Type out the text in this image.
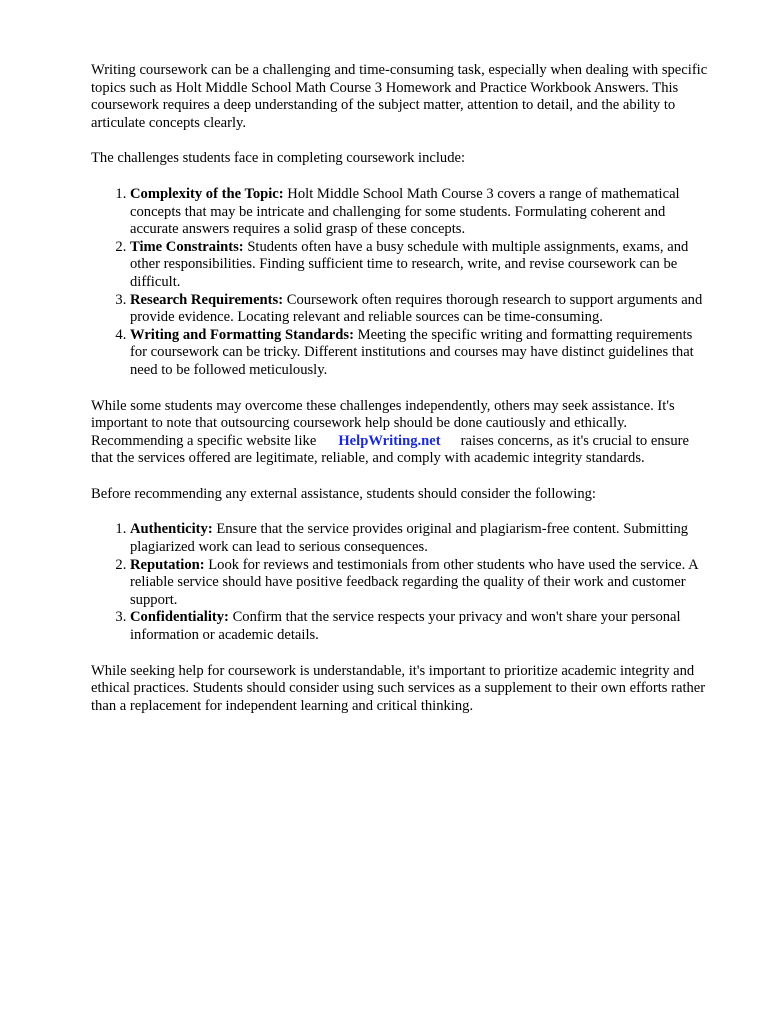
Writing coursework can be a challenging and time-consuming task, especially when dealing with specific topics such as Holt Middle School Math Course 3 Homework and Practice Workbook Answers. This coursework requires a deep understanding of the subject matter, attention to detail, and the ability to articulate concepts clearly.

The challenges students face in completing coursework include:

1. Complexity of the Topic: Holt Middle School Math Course 3 covers a range of mathematical concepts that may be intricate and challenging for some students. Formulating coherent and accurate answers requires a solid grasp of these concepts.
2. Time Constraints: Students often have a busy schedule with multiple assignments, exams, and other responsibilities. Finding sufficient time to research, write, and revise coursework can be difficult.
3. Research Requirements: Coursework often requires thorough research to support arguments and provide evidence. Locating relevant and reliable sources can be time-consuming.
4. Writing and Formatting Standards: Meeting the specific writing and formatting requirements for coursework can be tricky. Different institutions and courses may have distinct guidelines that need to be followed meticulously.

While some students may overcome these challenges independently, others may seek assistance. It's important to note that outsourcing coursework help should be done cautiously and ethically. Recommending a specific website like HelpWriting.net raises concerns, as it's crucial to ensure that the services offered are legitimate, reliable, and comply with academic integrity standards.

Before recommending any external assistance, students should consider the following:

1. Authenticity: Ensure that the service provides original and plagiarism-free content. Submitting plagiarized work can lead to serious consequences.
2. Reputation: Look for reviews and testimonials from other students who have used the service. A reliable service should have positive feedback regarding the quality of their work and customer support.
3. Confidentiality: Confirm that the service respects your privacy and won't share your personal information or academic details.

While seeking help for coursework is understandable, it's important to prioritize academic integrity and ethical practices. Students should consider using such services as a supplement to their own efforts rather than a replacement for independent learning and critical thinking.
